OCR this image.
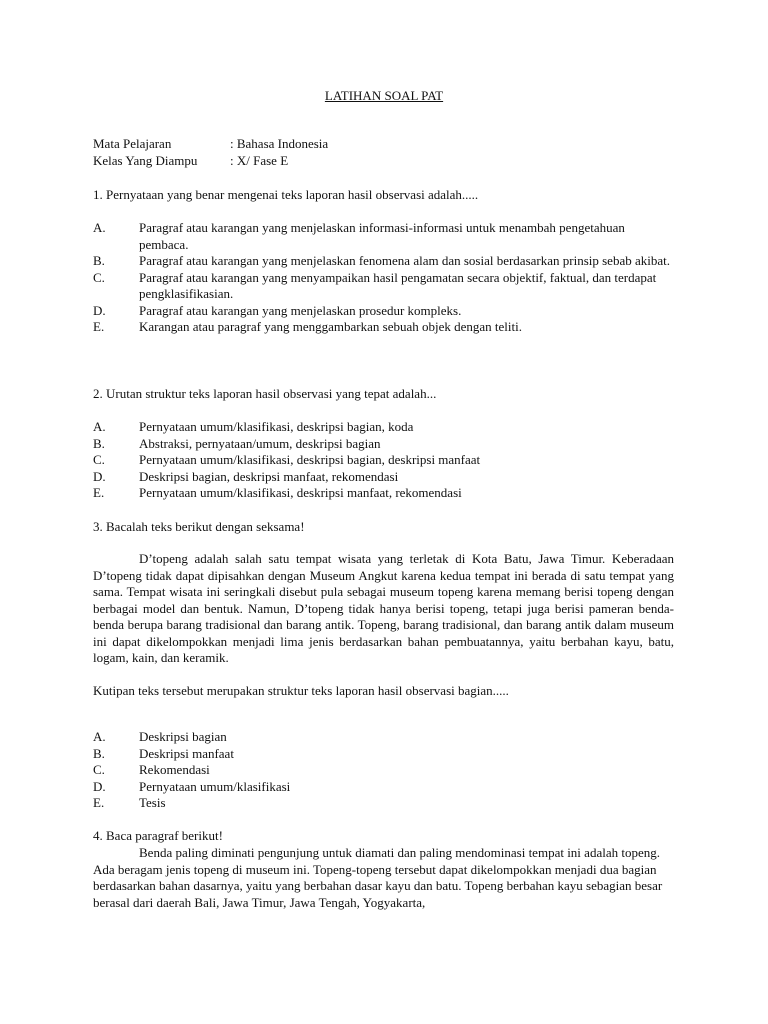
LATIHAN SOAL PAT
Mata Pelajaran	: Bahasa Indonesia
Kelas Yang Diampu	: X/ Fase E

1. Pernyataan yang benar mengenai teks laporan hasil observasi adalah.....

A.	Paragraf atau karangan yang menjelaskan informasi-informasi untuk menambah pengetahuan pembaca.
B.	Paragraf atau karangan yang menjelaskan fenomena alam dan sosial berdasarkan prinsip sebab akibat.
C.	Paragraf atau karangan yang menyampaikan hasil pengamatan secara objektif, faktual, dan terdapat pengklasifikasian.
D.	Paragraf atau karangan yang menjelaskan prosedur kompleks.
E.	Karangan atau paragraf yang menggambarkan sebuah objek dengan teliti.

2. Urutan struktur teks laporan hasil observasi yang tepat adalah...

A.	Pernyataan umum/klasifikasi, deskripsi bagian, koda
B.	Abstraksi, pernyataan/umum, deskripsi bagian
C.	Pernyataan umum/klasifikasi, deskripsi bagian, deskripsi manfaat
D.	Deskripsi bagian, deskripsi manfaat, rekomendasi
E.	Pernyataan umum/klasifikasi, deskripsi manfaat, rekomendasi

3. Bacalah teks berikut dengan seksama!

D’topeng adalah salah satu tempat wisata yang terletak di Kota Batu, Jawa Timur. Keberadaan D’topeng tidak dapat dipisahkan dengan Museum Angkut karena kedua tempat ini berada di satu tempat yang sama. Tempat wisata ini seringkali disebut pula sebagai museum topeng karena memang berisi topeng dengan berbagai model dan bentuk. Namun, D’topeng tidak hanya berisi topeng, tetapi juga berisi pameran benda-benda berupa barang tradisional dan barang antik. Topeng, barang tradisional, dan barang antik dalam museum ini dapat dikelompokkan menjadi lima jenis berdasarkan bahan pembuatannya, yaitu berbahan kayu, batu, logam, kain, dan keramik.

Kutipan teks tersebut merupakan struktur teks laporan hasil observasi bagian.....

A.	Deskripsi bagian
B.	Deskripsi manfaat
C.	Rekomendasi
D.	Pernyataan umum/klasifikasi
E.	Tesis

4. Baca paragraf berikut!

Benda paling diminati pengunjung untuk diamati dan paling mendominasi tempat ini adalah topeng. Ada beragam jenis topeng di museum ini. Topeng-topeng tersebut dapat dikelompokkan menjadi dua bagian berdasarkan bahan dasarnya, yaitu yang berbahan dasar kayu dan batu. Topeng berbahan kayu sebagian besar berasal dari daerah Bali, Jawa Timur, Jawa Tengah, Yogyakarta,
